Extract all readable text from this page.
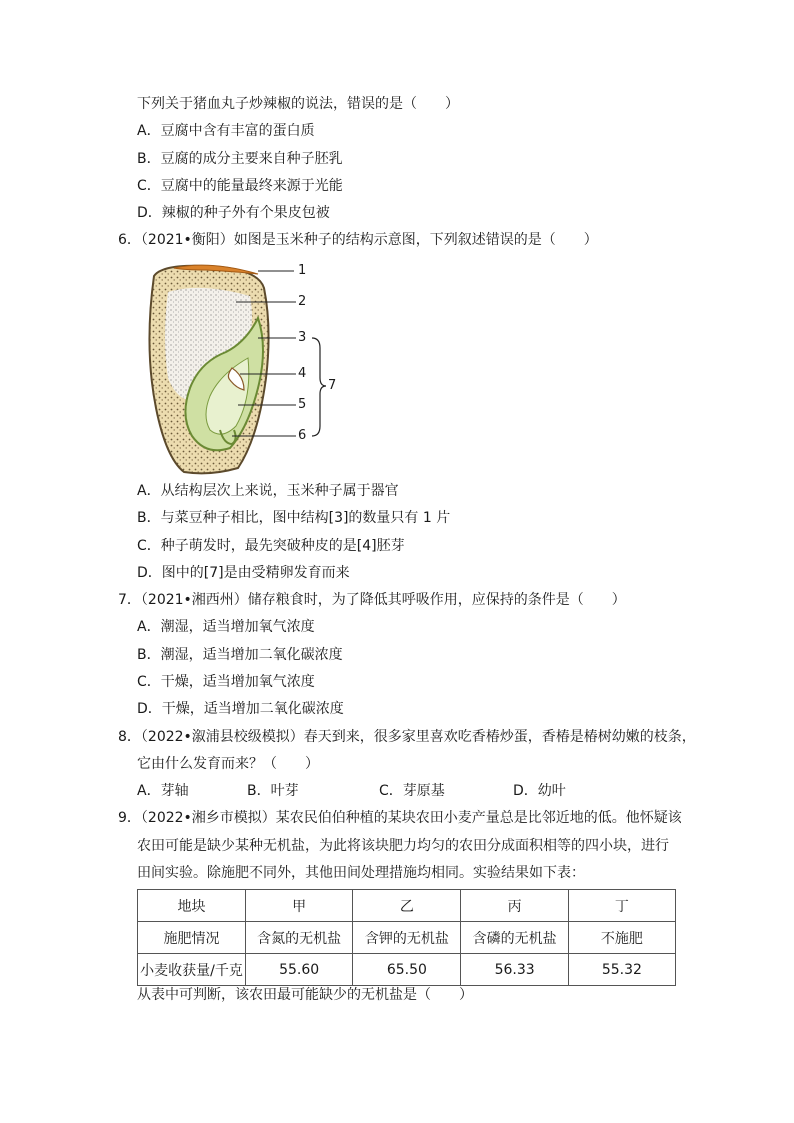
下列关于猪血丸子炒辣椒的说法，错误的是（　　）
A．豆腐中含有丰富的蛋白质
B．豆腐的成分主要来自种子胚乳
C．豆腐中的能量最终来源于光能
D．辣椒的种子外有个果皮包被
6．（2021•衡阳）如图是玉米种子的结构示意图，下列叙述错误的是（　　）
1
2
3
4
5
6
7
A．从结构层次上来说，玉米种子属于器官
B．与菜豆种子相比，图中结构[3]的数量只有 1 片
C．种子萌发时，最先突破种皮的是[4]胚芽
D．图中的[7]是由受精卵发育而来
7．（2021•湘西州）储存粮食时，为了降低其呼吸作用，应保持的条件是（　　）
A．潮湿，适当增加氧气浓度
B．潮湿，适当增加二氧化碳浓度
C．干燥，适当增加氧气浓度
D．干燥，适当增加二氧化碳浓度
8．（2022•溆浦县校级模拟）春天到来，很多家里喜欢吃香椿炒蛋，香椿是椿树幼嫩的枝条，
它由什么发育而来？（　　）
A．芽轴	B．叶芽	C．芽原基	D．幼叶
9．（2022•湘乡市模拟）某农民伯伯种植的某块农田小麦产量总是比邻近地的低。他怀疑该
农田可能是缺少某种无机盐，为此将该块肥力均匀的农田分成面积相等的四小块，进行
田间实验。除施肥不同外，其他田间处理措施均相同。实验结果如下表：
地块	甲	乙	丙	丁
施肥情况	含氮的无机盐	含钾的无机盐	含磷的无机盐	不施肥
小麦收获量/千克	55.60	65.50	56.33	55.32
从表中可判断，该农田最可能缺少的无机盐是（　　）
